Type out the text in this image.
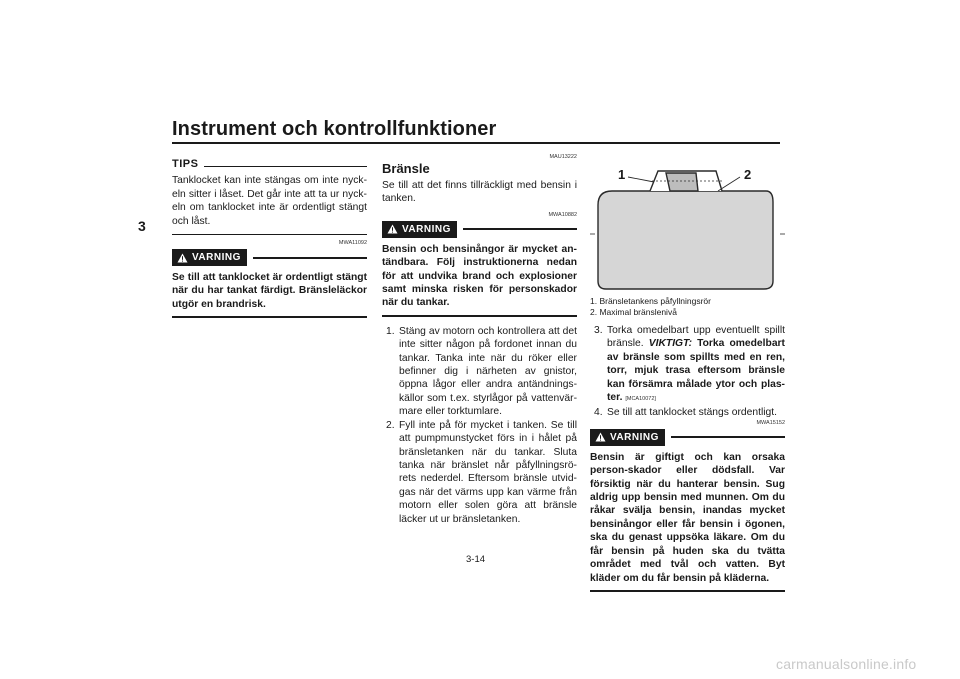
Instrument och kontrollfunktioner
3
TIPS
Tanklocket kan inte stängas om inte nyck-eln sitter i låset. Det går inte att ta ur nyck-eln om tanklocket inte är ordentligt stängt och låst.
MWA11092
VARNING
Se till att tanklocket är ordentligt stängt när du har tankat färdigt. Bränsleläckor utgör en brandrisk.
MAU13222
Bränsle
Se till att det finns tillräckligt med bensin i tanken.
MWA10882
VARNING
Bensin och bensinångor är mycket an-tändbara. Följ instruktionerna nedan för att undvika brand och explosioner samt minska risken för personskador när du tankar.
1. Stäng av motorn och kontrollera att det inte sitter någon på fordonet innan du tankar. Tanka inte när du röker eller befinner dig i närheten av gnistor, öppna lågor eller andra antändnings-källor som t.ex. styrlågor på vattenvär-mare eller torktumlare.
2. Fyll inte på för mycket i tanken. Se till att pumpmunstycket förs in i hålet på bränsletanken när du tankar. Sluta tanka när bränslet når påfyllningsrö-rets nederdel. Eftersom bränsle utvid-gas när det värms upp kan värme från motorn eller solen göra att bränsle läcker ut ur bränsletanken.
1	2
1. Bränsletankens påfyllningsrör
2. Maximal bränslenivå
3. Torka omedelbart upp eventuellt spillt bränsle. VIKTIGT: Torka omedelbart av bränsle som spillts med en ren, torr, mjuk trasa eftersom bränsle kan försämra målade ytor och plas-ter. [MCA10072]
4. Se till att tanklocket stängs ordentligt.
MWA15152
VARNING
Bensin är giftigt och kan orsaka person-skador eller dödsfall. Var försiktig när du hanterar bensin. Sug aldrig upp bensin med munnen. Om du råkar svälja bensin, inandas mycket bensinångor eller får bensin i ögonen, ska du genast uppsöka läkare. Om du får bensin på huden ska du tvätta området med tvål och vatten. Byt kläder om du får bensin på kläderna.
3-14
carmanualsonline.info
